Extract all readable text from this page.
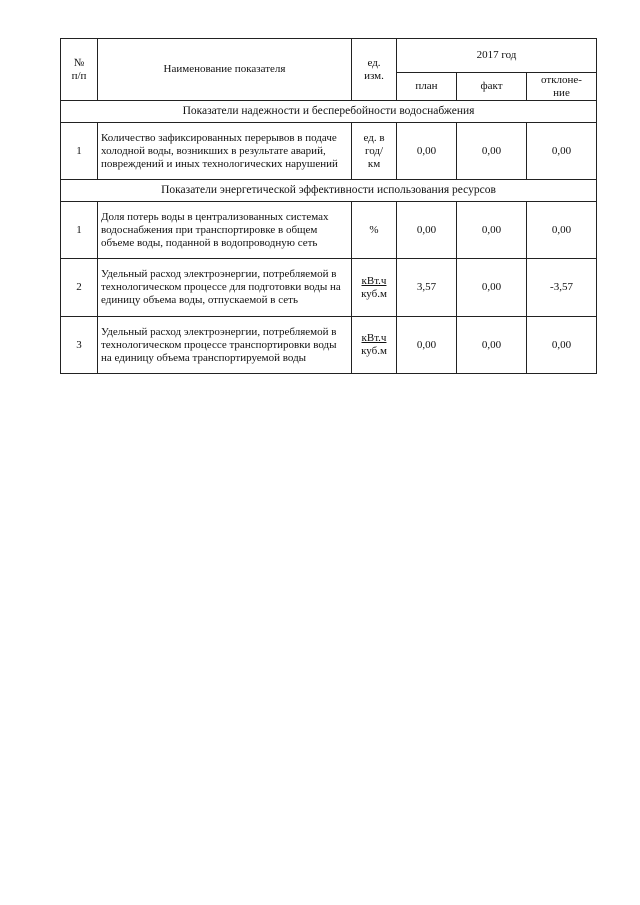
№
п/п	Наименование показателя	ед.
изм.	2017 год		
			план	факт	отклоне-
ние
Показатели надежности и бесперебойности водоснабжения					
1	Количество зафиксированных перерывов в подаче холодной воды, возникших в результате аварий, повреждений и иных технологических нарушений	ед. в
год/
км	0,00	0,00	0,00
Показатели энергетической эффективности использования ресурсов					
1	Доля потерь воды в централизованных системах водоснабжения при транспортировке в общем объеме воды, поданной в водопроводную сеть	%	0,00	0,00	0,00
2	Удельный расход электроэнергии, потребляемой в технологическом процессе для подготовки воды на единицу объема воды, отпускаемой в сеть	кВт.ч
куб.м	3,57	0,00	-3,57
3	Удельный расход электроэнергии, потребляемой в технологическом процессе транспортировки воды на единицу объема транспортируемой воды	кВт.ч
куб.м	0,00	0,00	0,00
